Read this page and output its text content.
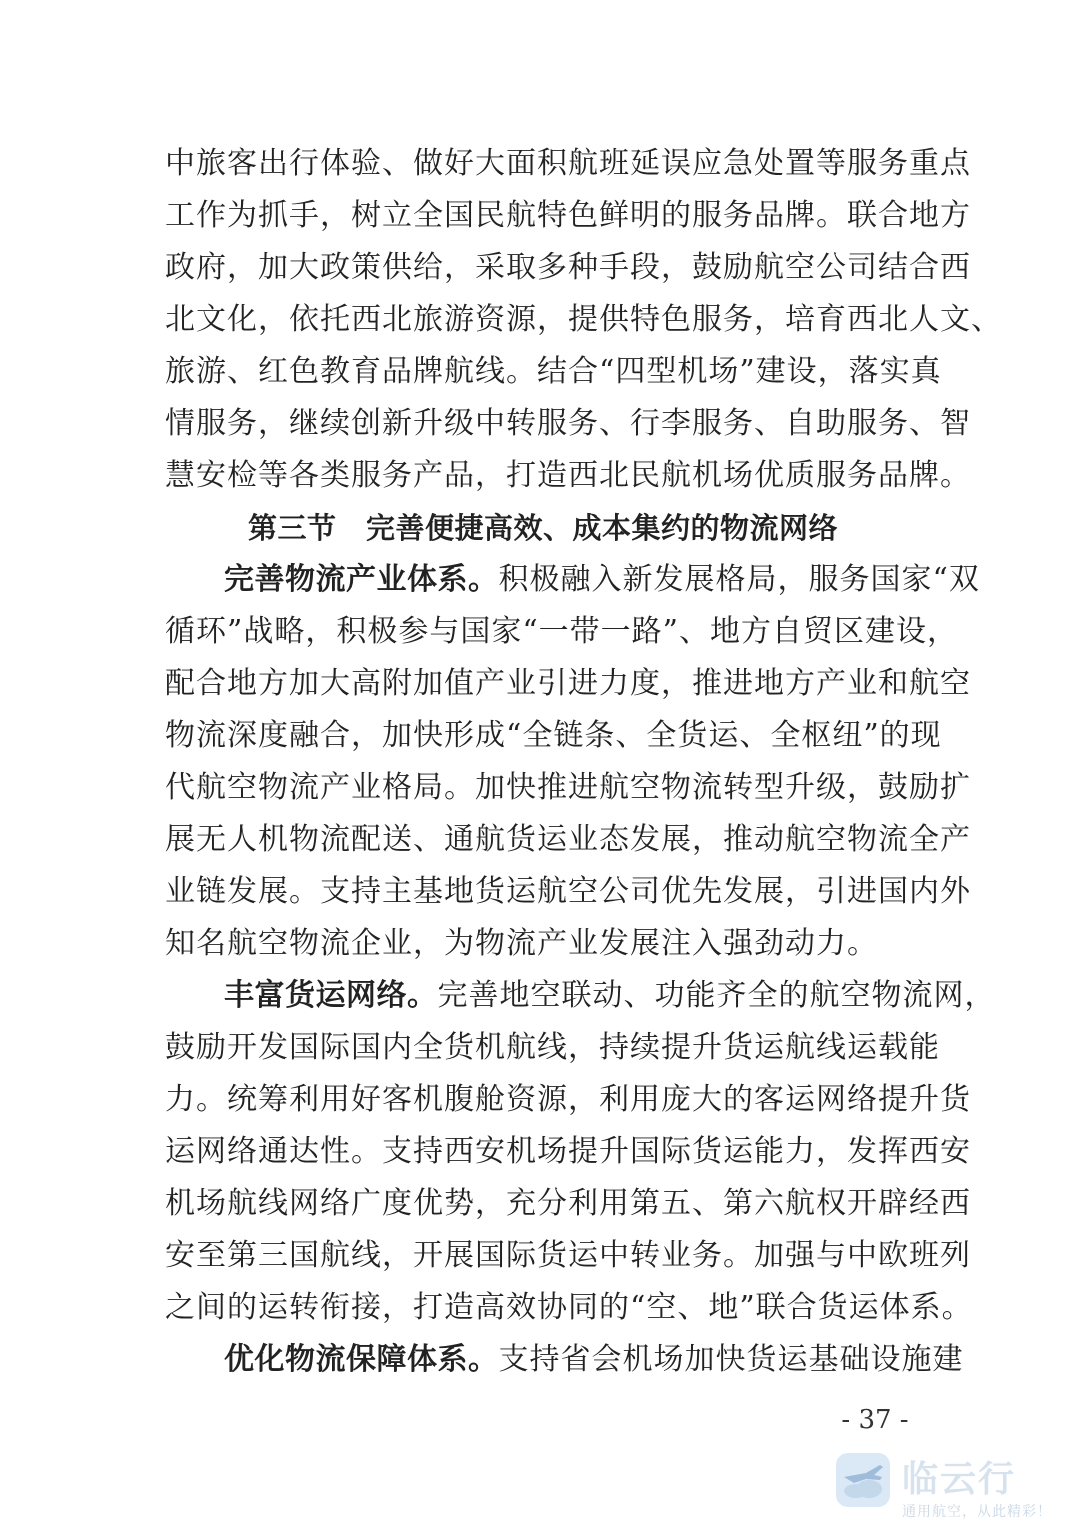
中旅客出行体验、做好大面积航班延误应急处置等服务重点
工作为抓手，树立全国民航特色鲜明的服务品牌。联合地方
政府，加大政策供给，采取多种手段，鼓励航空公司结合西
北文化，依托西北旅游资源，提供特色服务，培育西北人文、
旅游、红色教育品牌航线。结合“四型机场”建设，落实真
情服务，继续创新升级中转服务、行李服务、自助服务、智
慧安检等各类服务产品，打造西北民航机场优质服务品牌。
第三节　完善便捷高效、成本集约的物流网络
完善物流产业体系。积极融入新发展格局，服务国家“双
循环”战略，积极参与国家“一带一路”、地方自贸区建设，
配合地方加大高附加值产业引进力度，推进地方产业和航空
物流深度融合，加快形成“全链条、全货运、全枢纽”的现
代航空物流产业格局。加快推进航空物流转型升级，鼓励扩
展无人机物流配送、通航货运业态发展，推动航空物流全产
业链发展。支持主基地货运航空公司优先发展，引进国内外
知名航空物流企业，为物流产业发展注入强劲动力。
丰富货运网络。完善地空联动、功能齐全的航空物流网，
鼓励开发国际国内全货机航线，持续提升货运航线运载能
力。统筹利用好客机腹舱资源，利用庞大的客运网络提升货
运网络通达性。支持西安机场提升国际货运能力，发挥西安
机场航线网络广度优势，充分利用第五、第六航权开辟经西
安至第三国航线，开展国际货运中转业务。加强与中欧班列
之间的运转衔接，打造高效协同的“空、地”联合货运体系。
优化物流保障体系。支持省会机场加快货运基础设施建
- 37 -
临云行
通用航空，从此精彩！
